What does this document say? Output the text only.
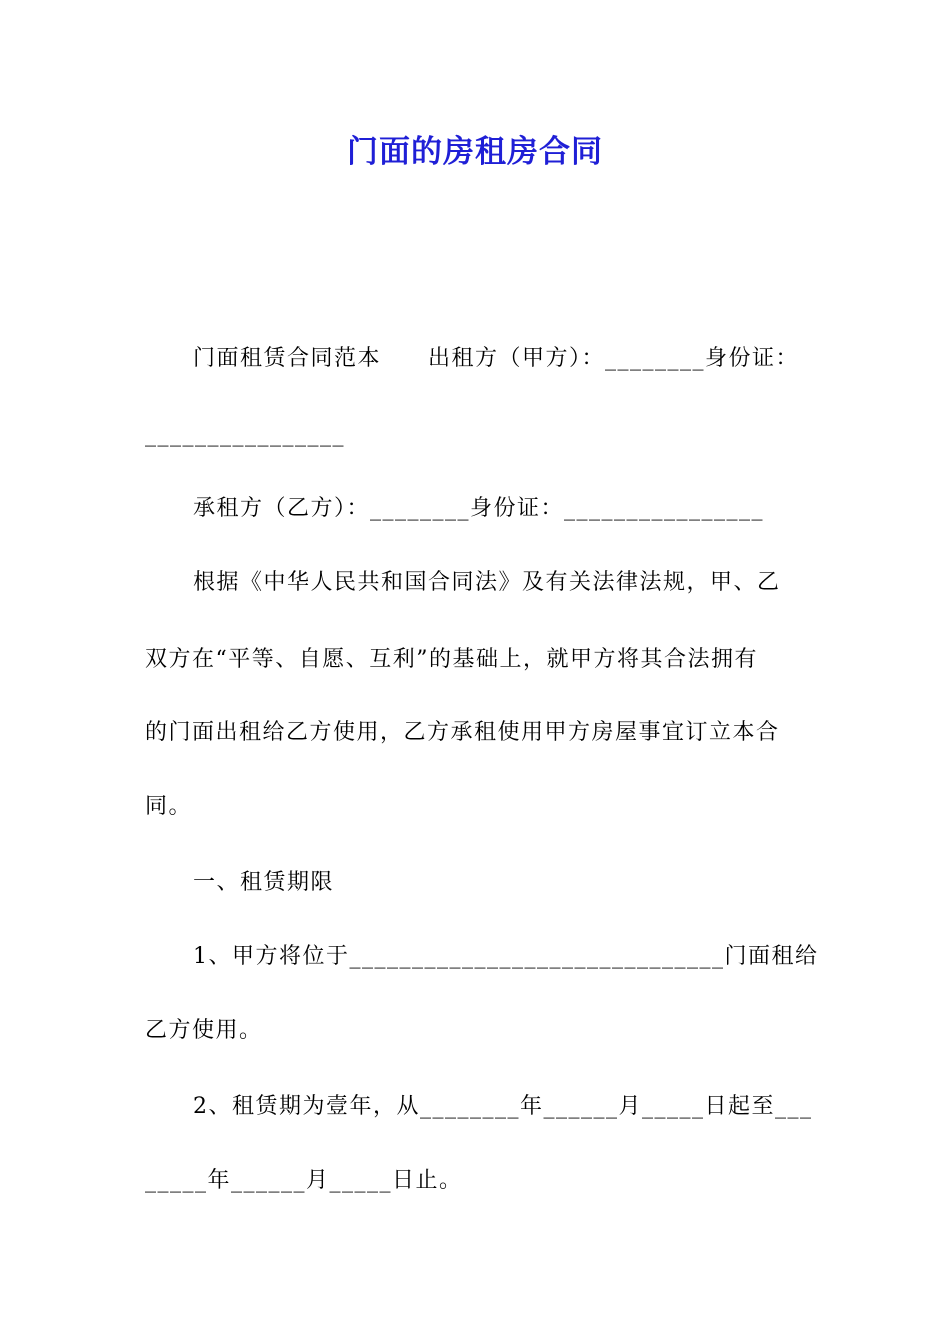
门面的房租房合同
门面租赁合同范本　　出租方（甲方）：________身份证：
________________
承租方（乙方）：________身份证：________________
根据《中华人民共和国合同法》及有关法律法规，甲、乙
双方在“平等、自愿、互利”的基础上，就甲方将其合法拥有
的门面出租给乙方使用，乙方承租使用甲方房屋事宜订立本合
同。
一、租赁期限
1、甲方将位于______________________________门面租给
乙方使用。
2、租赁期为壹年，从________年______月_____日起至___
_____年______月_____日止。
